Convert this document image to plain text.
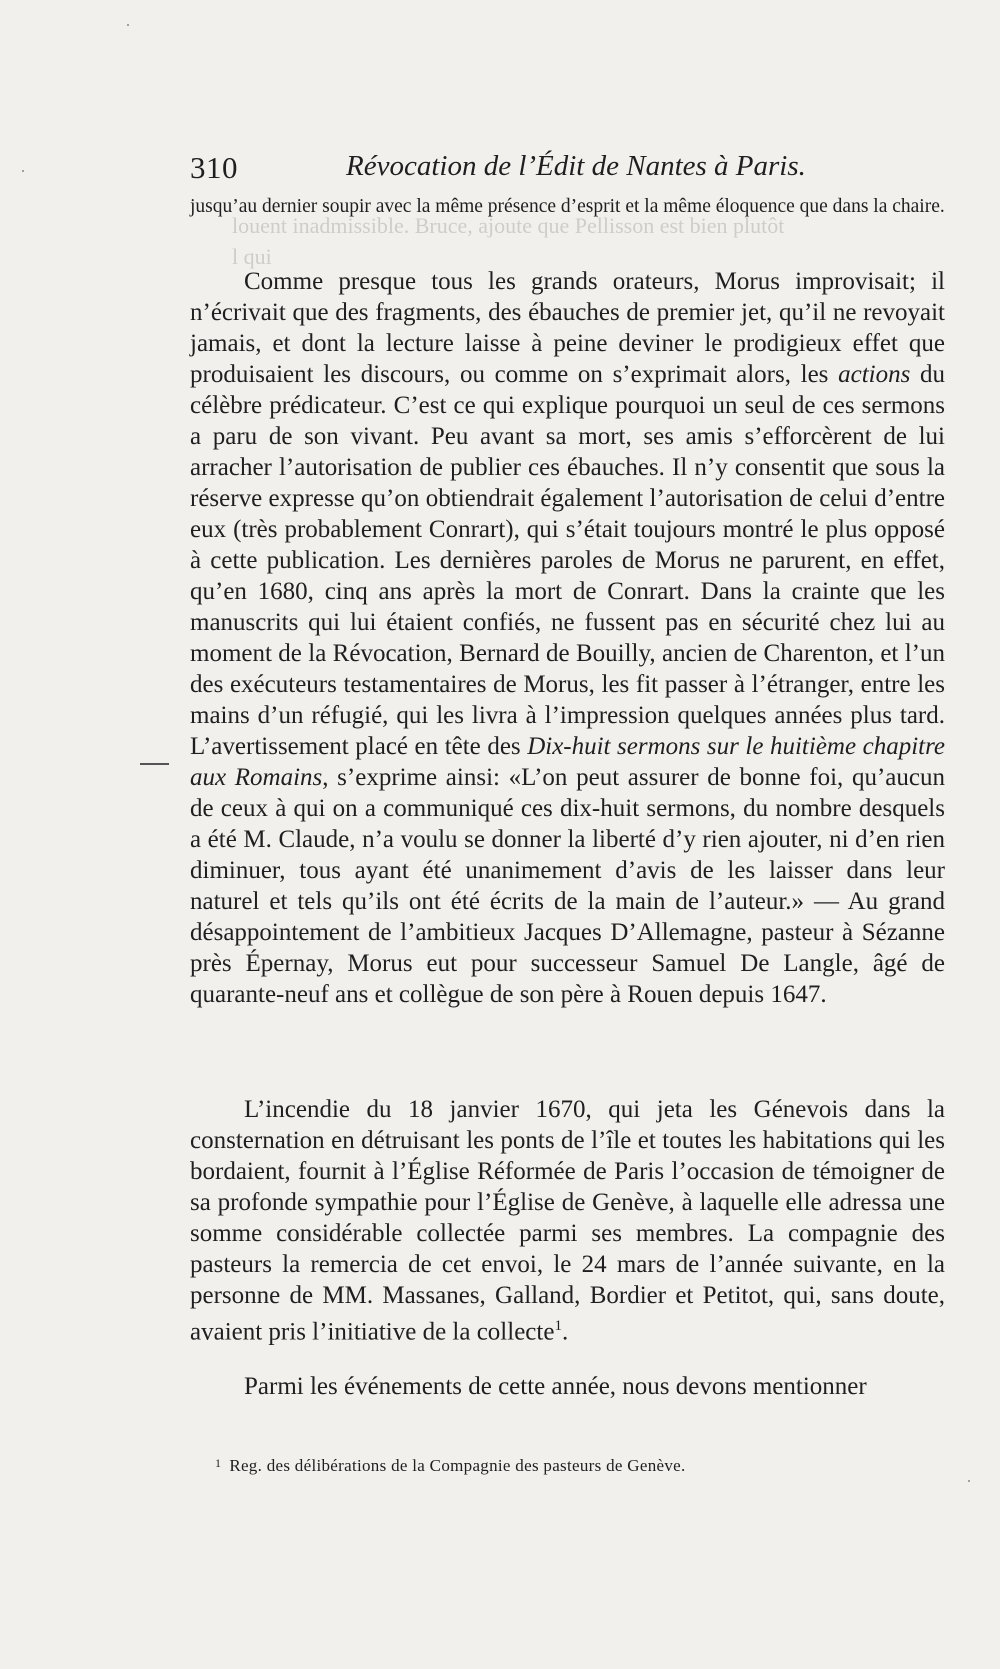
louent inadmissible. Bruce, ajoute que Pellisson est bien plutôt
l qui
310	Révocation de l’Édit de Nantes à Paris.

jusqu’au dernier soupir avec la même présence d’esprit et la même éloquence que dans la chaire.

Comme presque tous les grands orateurs, Morus improvisait; il n’écrivait que des fragments, des ébauches de premier jet, qu’il ne revoyait jamais, et dont la lecture laisse à peine deviner le prodigieux effet que produisaient les discours, ou comme on s’exprimait alors, les actions du célèbre prédicateur. C’est ce qui explique pourquoi un seul de ces sermons a paru de son vivant. Peu avant sa mort, ses amis s’efforcèrent de lui arracher l’autorisation de publier ces ébauches. Il n’y consentit que sous la réserve expresse qu’on obtiendrait également l’autorisation de celui d’entre eux (très probablement Conrart), qui s’était toujours montré le plus opposé à cette publication. Les dernières paroles de Morus ne parurent, en effet, qu’en 1680, cinq ans après la mort de Conrart. Dans la crainte que les manuscrits qui lui étaient confiés, ne fussent pas en sécurité chez lui au moment de la Révocation, Bernard de Bouilly, ancien de Charenton, et l’un des exécuteurs testamentaires de Morus, les fit passer à l’étranger, entre les mains d’un réfugié, qui les livra à l’impression quelques années plus tard. L’avertissement placé en tête des Dix-huit sermons sur le huitième chapitre aux Romains, s’exprime ainsi: «L’on peut assurer de bonne foi, qu’aucun de ceux à qui on a communiqué ces dix-huit sermons, du nombre desquels a été M. Claude, n’a voulu se donner la liberté d’y rien ajouter, ni d’en rien diminuer, tous ayant été unanimement d’avis de les laisser dans leur naturel et tels qu’ils ont été écrits de la main de l’auteur.» — Au grand désappointement de l’ambitieux Jacques D’Allemagne, pasteur à Sézanne près Épernay, Morus eut pour successeur Samuel De Langle, âgé de quarante-neuf ans et collègue de son père à Rouen depuis 1647.

L’incendie du 18 janvier 1670, qui jeta les Génevois dans la consternation en détruisant les ponts de l’île et toutes les habitations qui les bordaient, fournit à l’Église Réformée de Paris l’occasion de témoigner de sa profonde sympathie pour l’Église de Genève, à laquelle elle adressa une somme considérable collectée parmi ses membres. La compagnie des pasteurs la remercia de cet envoi, le 24 mars de l’année suivante, en la personne de MM. Massanes, Galland, Bordier et Petitot, qui, sans doute, avaient pris l’initiative de la collecte$^1$.

Parmi les événements de cette année, nous devons mentionner

$^1$ Reg. des délibérations de la Compagnie des pasteurs de Genève.
